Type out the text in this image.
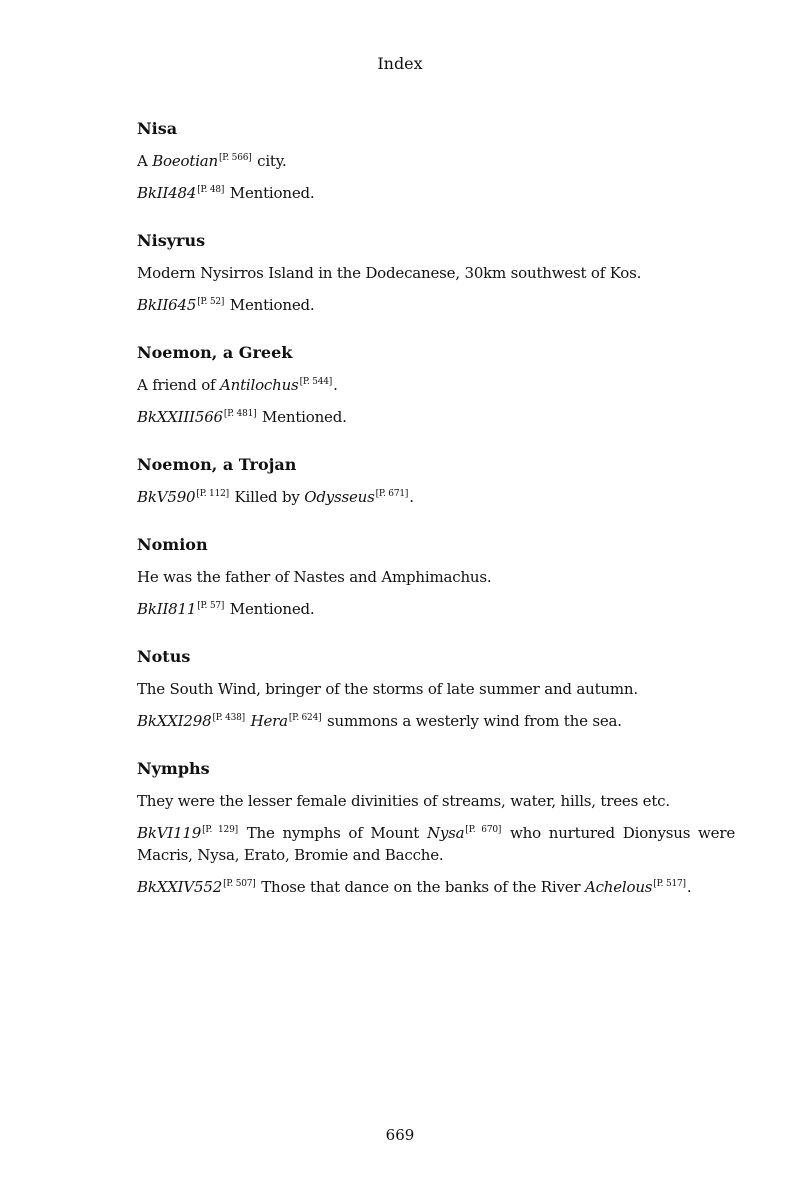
Index
Nisa
A Boeotian[P. 566] city.
BkII484[P. 48] Mentioned.
Nisyrus
Modern Nysirros Island in the Dodecanese, 30km southwest of Kos.
BkII645[P. 52] Mentioned.
Noemon, a Greek
A friend of Antilochus[P. 544].
BkXXIII566[P. 481] Mentioned.
Noemon, a Trojan
BkV590[P. 112] Killed by Odysseus[P. 671].
Nomion
He was the father of Nastes and Amphimachus.
BkII811[P. 57] Mentioned.
Notus
The South Wind, bringer of the storms of late summer and autumn.
BkXXI298[P. 438] Hera[P. 624] summons a westerly wind from the sea.
Nymphs
They were the lesser female divinities of streams, water, hills, trees etc.
BkVI119[P. 129] The nymphs of Mount Nysa[P. 670] who nurtured Dionysus were Macris, Nysa, Erato, Bromie and Bacche.
BkXXIV552[P. 507] Those that dance on the banks of the River Achelous[P. 517].
669
